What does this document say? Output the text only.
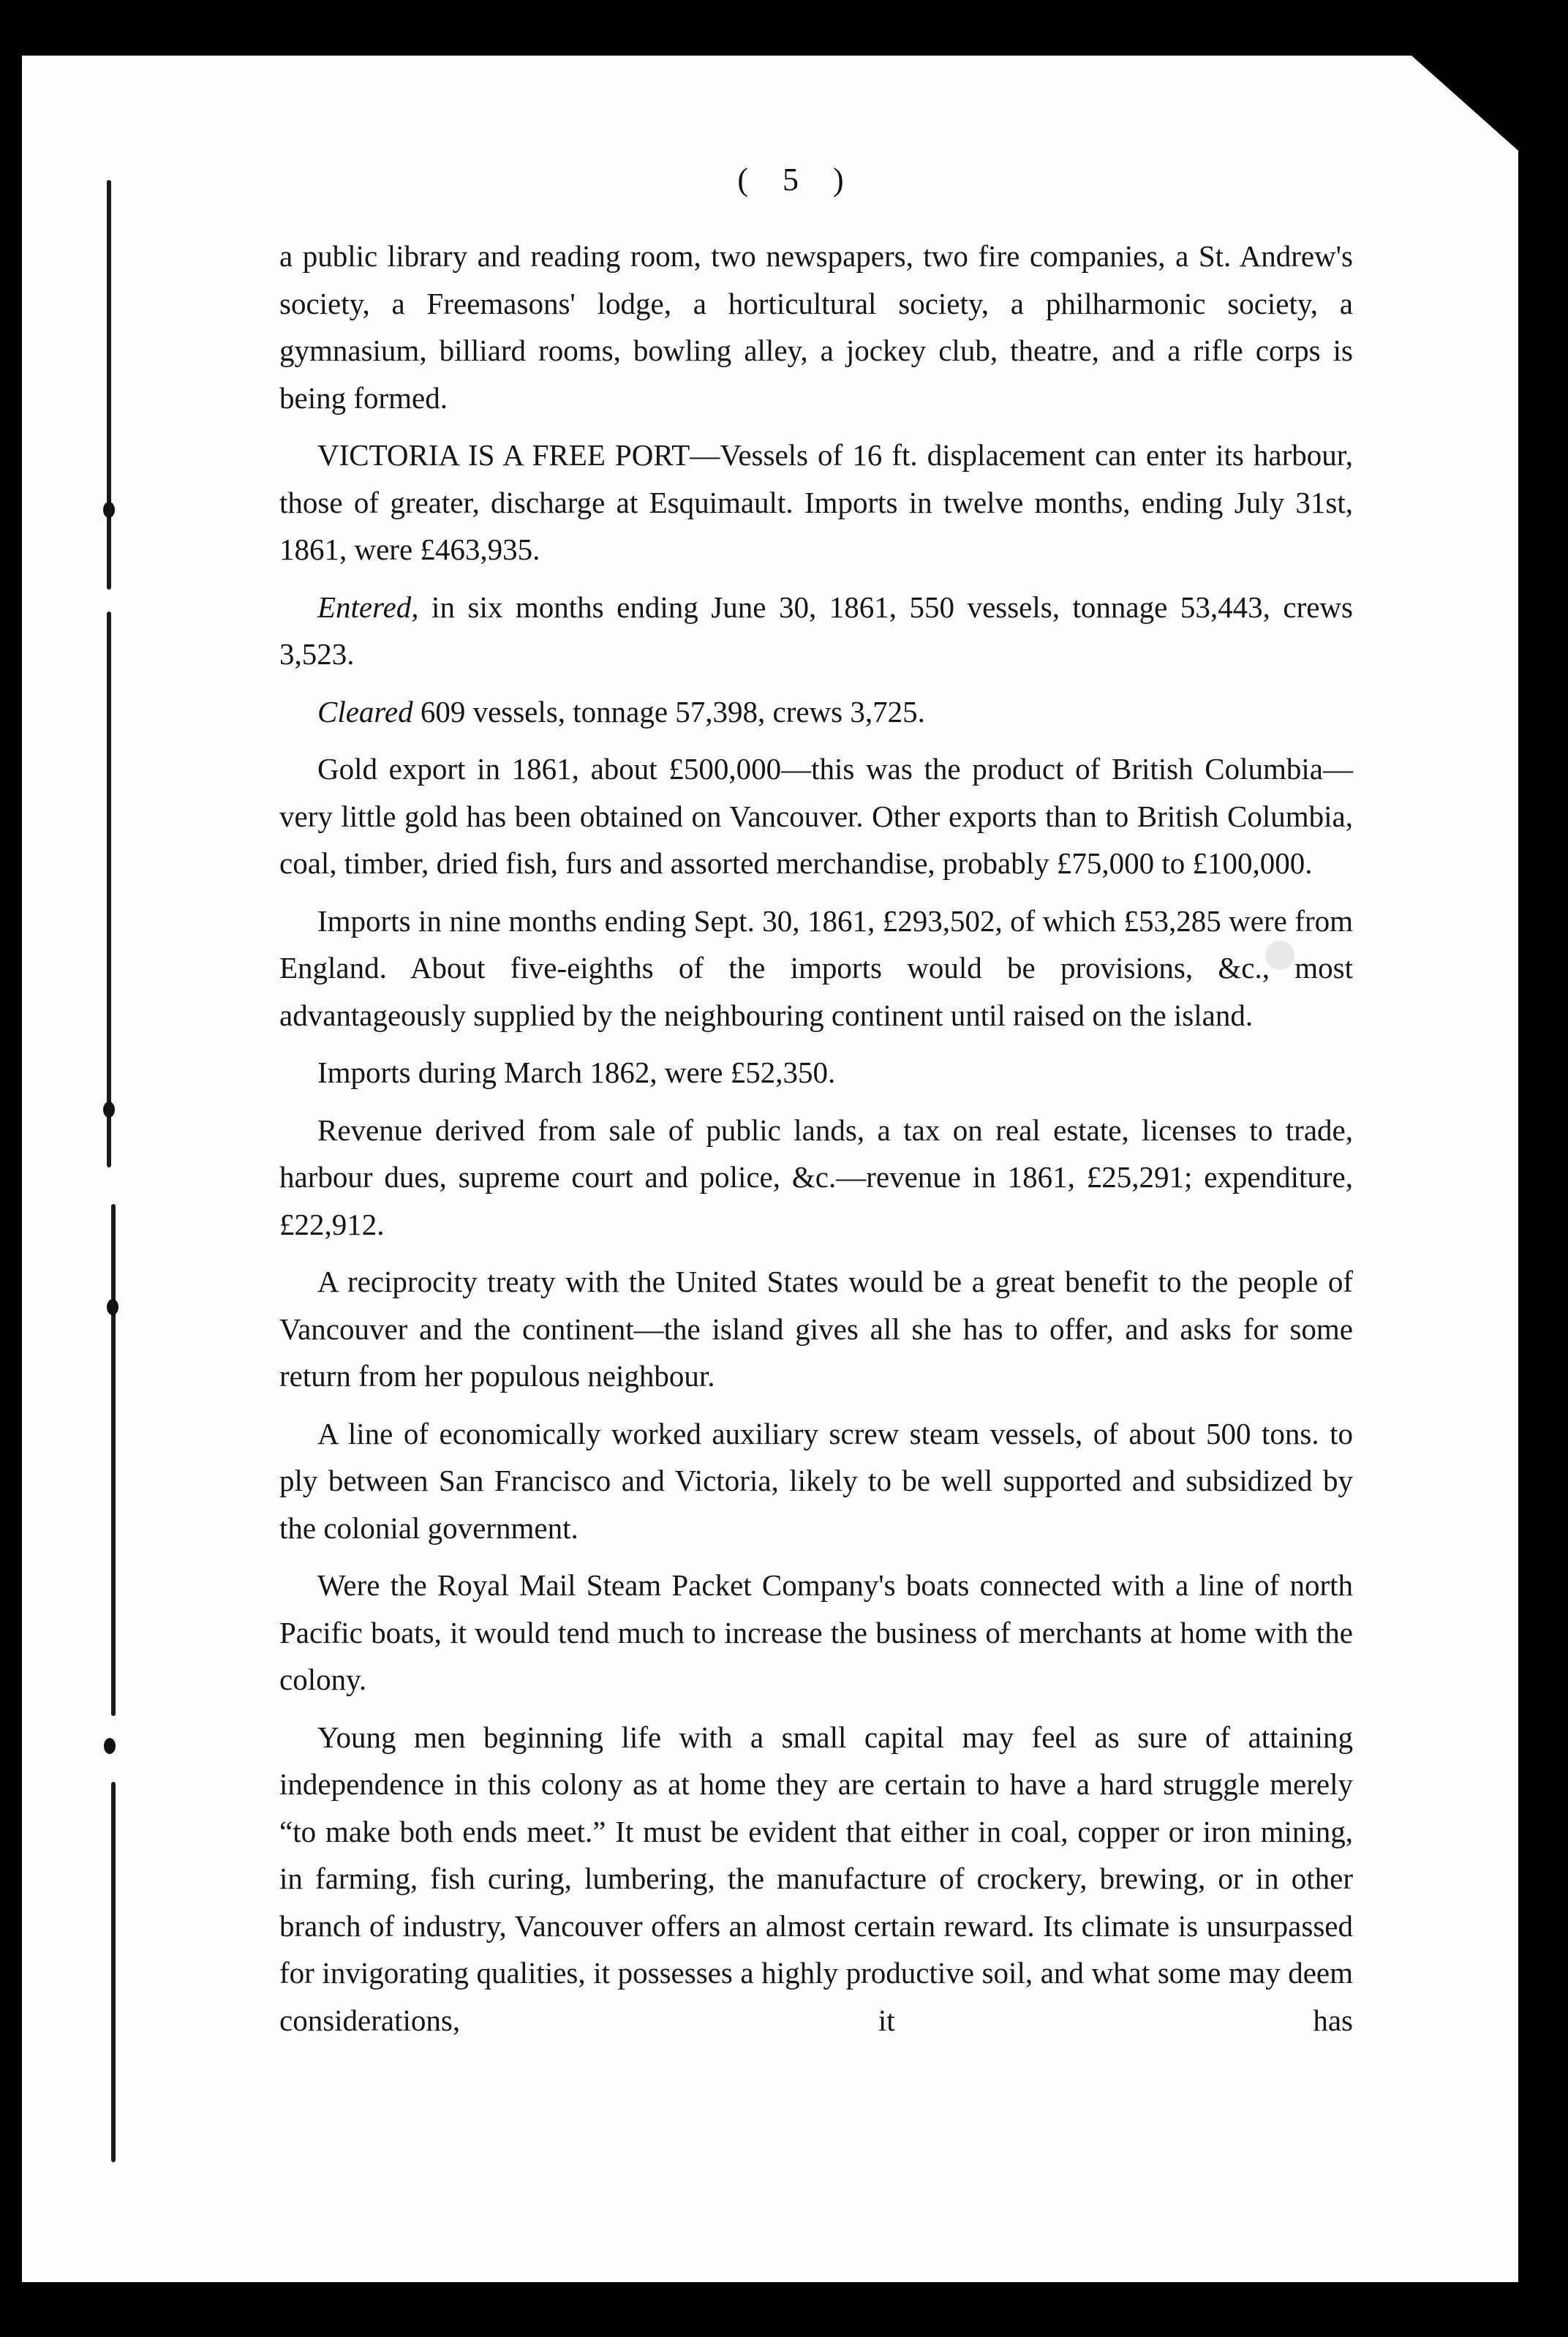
( 5 )

a public library and reading room, two newspapers, two fire companies, a St. Andrew's society, a Freemasons' lodge, a horticultural society, a philharmonic society, a gymnasium, billiard rooms, bowling alley, a jockey club, theatre, and a rifle corps is being formed.

VICTORIA IS A FREE PORT—Vessels of 16 ft. displacement can enter its harbour, those of greater, discharge at Esquimault. Imports in twelve months, ending July 31st, 1861, were £463,935.

Entered, in six months ending June 30, 1861, 550 vessels, tonnage 53,443, crews 3,523.

Cleared 609 vessels, tonnage 57,398, crews 3,725.

Gold export in 1861, about £500,000—this was the product of British Columbia—very little gold has been obtained on Vancouver. Other exports than to British Columbia, coal, timber, dried fish, furs and assorted merchandise, probably £75,000 to £100,000.

Imports in nine months ending Sept. 30, 1861, £293,502, of which £53,285 were from England. About five-eighths of the imports would be provisions, &c., most advantageously supplied by the neighbouring continent until raised on the island.

Imports during March 1862, were £52,350.

Revenue derived from sale of public lands, a tax on real estate, licenses to trade, harbour dues, supreme court and police, &c.—revenue in 1861, £25,291; expenditure, £22,912.

A reciprocity treaty with the United States would be a great benefit to the people of Vancouver and the continent—the island gives all she has to offer, and asks for some return from her populous neighbour.

A line of economically worked auxiliary screw steam vessels, of about 500 tons. to ply between San Francisco and Victoria, likely to be well supported and subsidized by the colonial government.

Were the Royal Mail Steam Packet Company's boats connected with a line of north Pacific boats, it would tend much to increase the business of merchants at home with the colony.

Young men beginning life with a small capital may feel as sure of attaining independence in this colony as at home they are certain to have a hard struggle merely “to make both ends meet.” It must be evident that either in coal, copper or iron mining, in farming, fish curing, lumbering, the manufacture of crockery, brewing, or in other branch of industry, Vancouver offers an almost certain reward. Its climate is unsurpassed for invigorating qualities, it possesses a highly productive soil, and what some may deem considerations, it has
